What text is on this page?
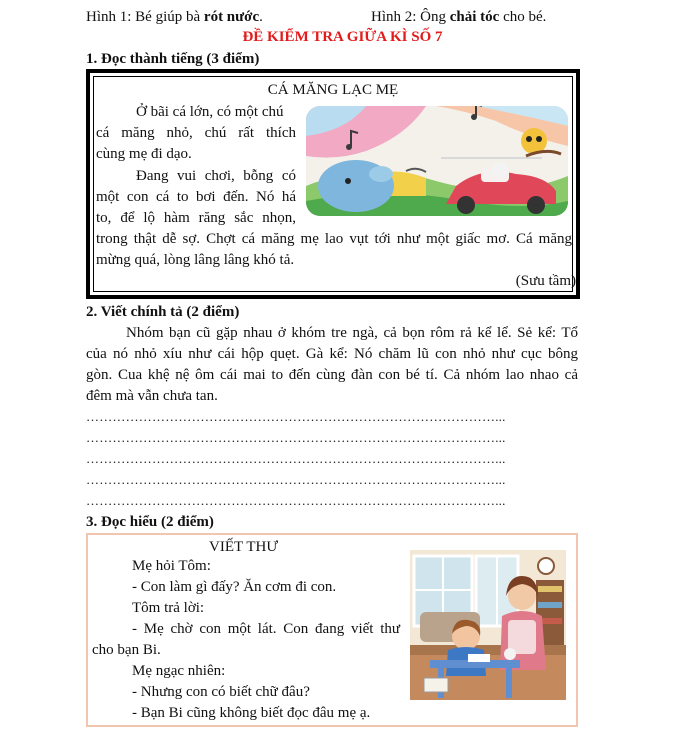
Hình 1: Bé giúp bà rót nước.	Hình 2: Ông chải tóc cho bé.
ĐỀ KIỂM TRA GIỮA KÌ SỐ 7
1. Đọc thành tiếng (3 điểm)
CÁ MĂNG LẠC MẸ
Ở bãi cá lớn, có một chú
cá măng nhỏ, chú rất thích
cùng mẹ đi dạo.
Đang vui chơi, bỗng có
một con cá to bơi đến. Nó há
to, để lộ hàm răng sắc nhọn,
trong thật dễ sợ. Chợt cá măng mẹ lao vụt tới như một giấc mơ. Cá măng
mừng quá, lòng lâng lâng khó tả.
(Sưu tầm)
2. Viết chính tả (2 điểm)
Nhóm bạn cũ gặp nhau ở khóm tre ngà, cả bọn rôm rả kể lể. Sẻ kể: Tổ
của nó nhỏ xíu như cái hộp quẹt. Gà kể: Nó chăm lũ con nhỏ như cục bông
gòn. Cua khệ nệ ôm cái mai to đến cùng đàn con bé tí. Cả nhóm lao nhao cả
đêm mà vẫn chưa tan.
…………………………………………………………………………………...
…………………………………………………………………………………...
…………………………………………………………………………………...
…………………………………………………………………………………...
…………………………………………………………………………………...
3. Đọc hiểu (2 điểm)
VIẾT THƯ
Mẹ hỏi Tôm:
- Con làm gì đấy? Ăn cơm đi con.
Tôm trả lời:
- Mẹ chờ con một lát. Con đang viết thư
cho bạn Bi.
Mẹ ngạc nhiên:
- Nhưng con có biết chữ đâu?
- Bạn Bi cũng không biết đọc đâu mẹ ạ.
